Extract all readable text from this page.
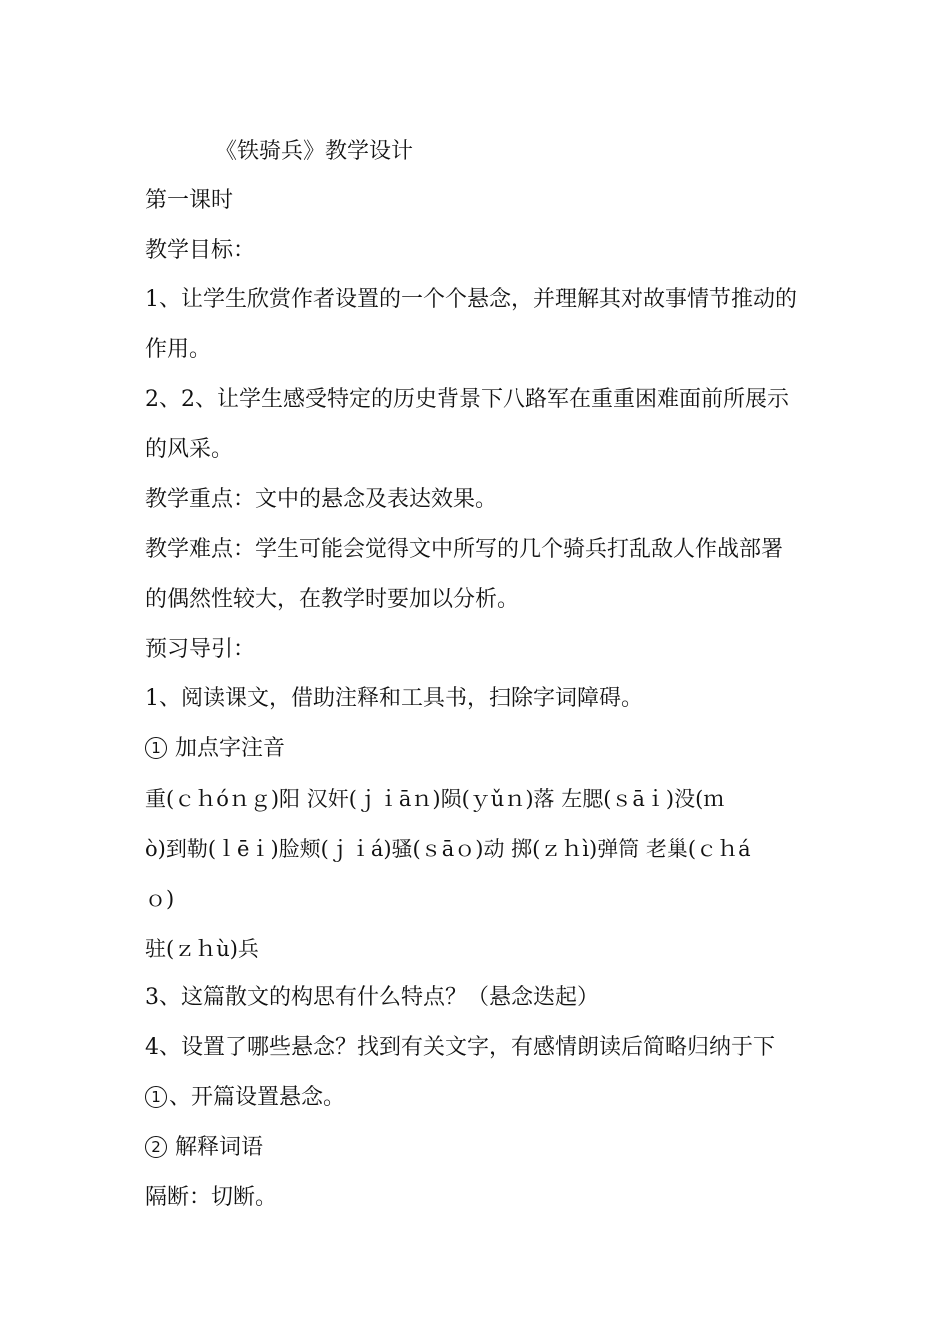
《铁骑兵》教学设计
第一课时
教学目标：
1、让学生欣赏作者设置的一个个悬念，并理解其对故事情节推动的
作用。
2、2、让学生感受特定的历史背景下八路军在重重困难面前所展示
的风采。
教学重点：文中的悬念及表达效果。
教学难点：学生可能会觉得文中所写的几个骑兵打乱敌人作战部署
的偶然性较大，在教学时要加以分析。
预习导引：
1、阅读课文，借助注释和工具书，扫除字词障碍。
1 加点字注音
重(ｃｈóｎｇ)阳 汉奸(ｊｉāｎ)陨(ｙǔｎ)落 左腮(ｓāｉ)没(ｍ
ò)到勒(ｌēｉ)脸颊(ｊｉá)骚(ｓāｏ)动 掷(ｚｈì)弹筒 老巢(ｃｈá
ｏ)
驻(ｚｈù)兵
3、这篇散文的构思有什么特点？（悬念迭起）
4、设置了哪些悬念？找到有关文字，有感情朗读后简略归纳于下
1 、开篇设置悬念。
2 解释词语
隔断：切断。
